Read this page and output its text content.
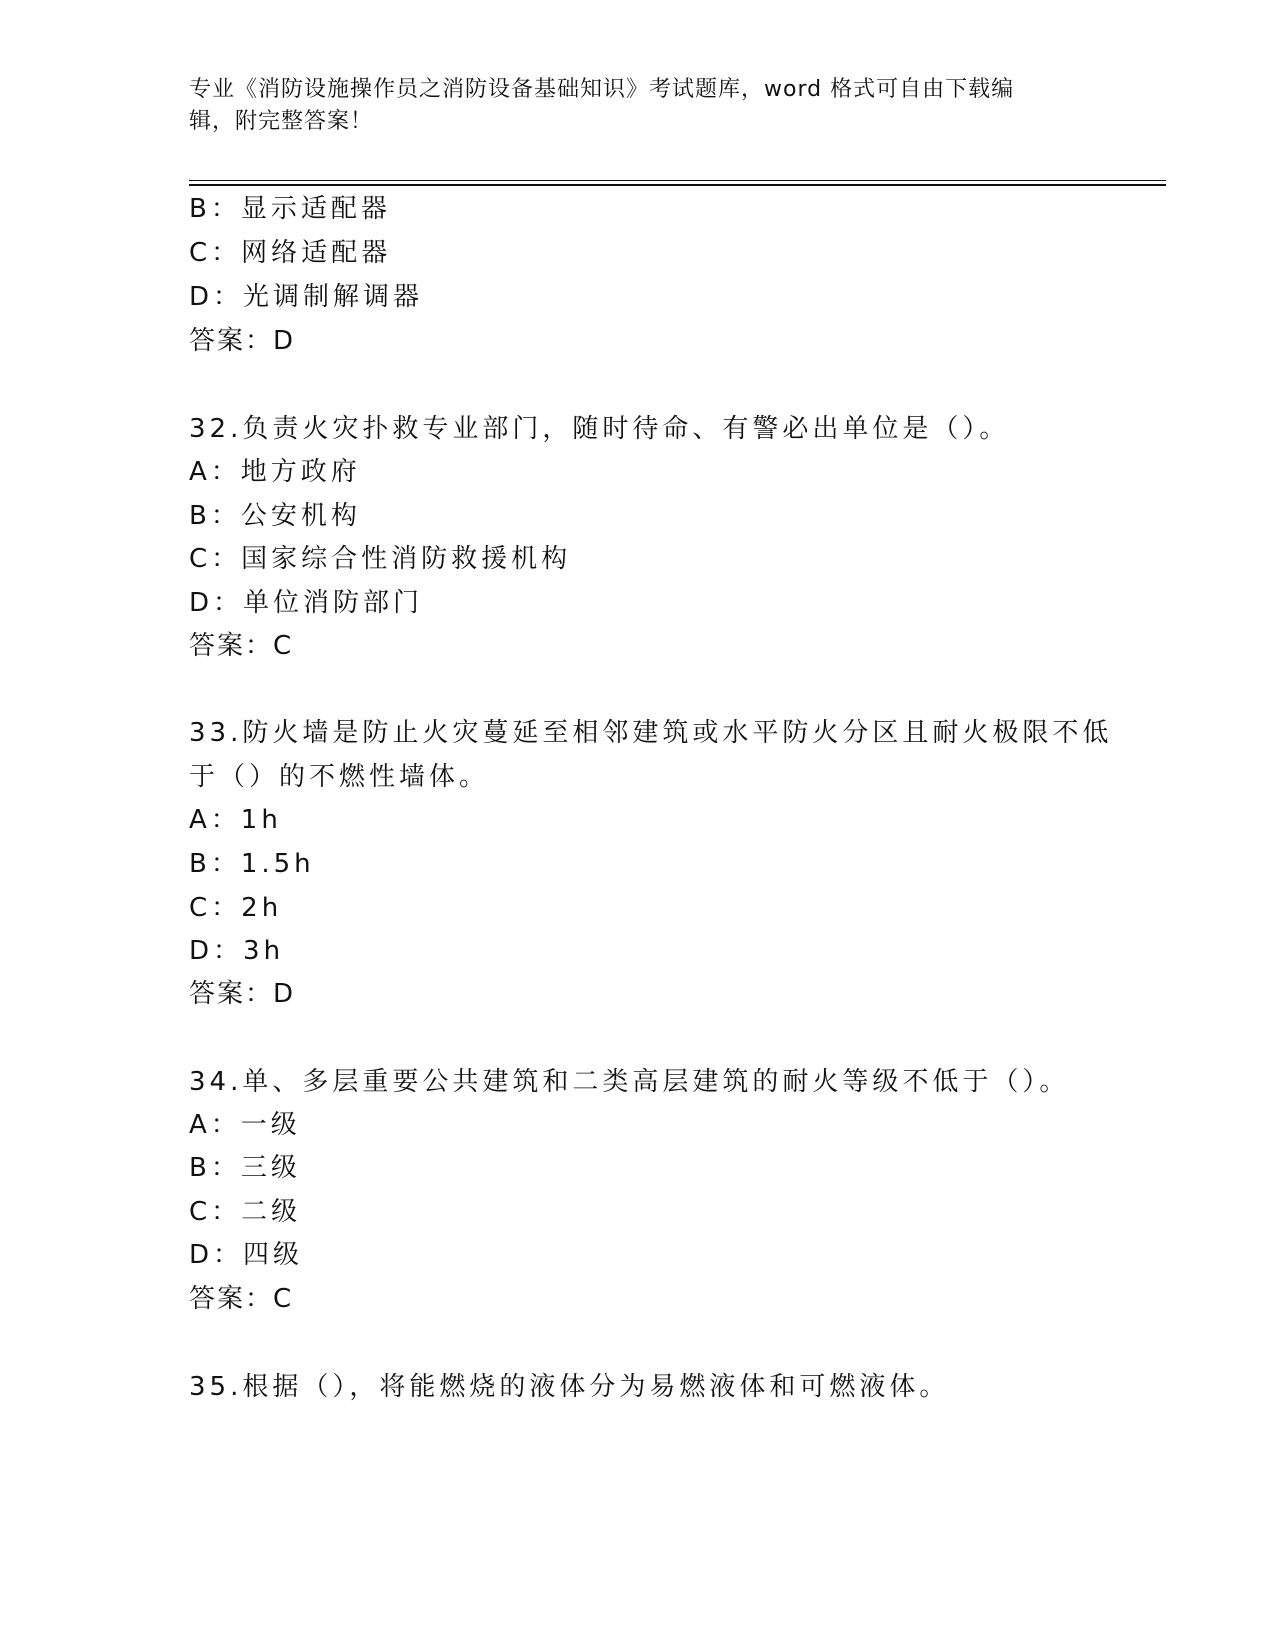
专业《消防设施操作员之消防设备基础知识》考试题库，word 格式可自由下载编
辑，附完整答案！
B：显示适配器
C：网络适配器
D：光调制解调器
答案：D
32.负责火灾扑救专业部门，随时待命、有警必出单位是（）。
A：地方政府
B：公安机构
C：国家综合性消防救援机构
D：单位消防部门
答案：C
33.防火墙是防止火灾蔓延至相邻建筑或水平防火分区且耐火极限不低
于（）的不燃性墙体。
A：1h
B：1.5h
C：2h
D：3h
答案：D
34.单、多层重要公共建筑和二类高层建筑的耐火等级不低于（）。
A：一级
B：三级
C：二级
D：四级
答案：C
35.根据（），将能燃烧的液体分为易燃液体和可燃液体。
